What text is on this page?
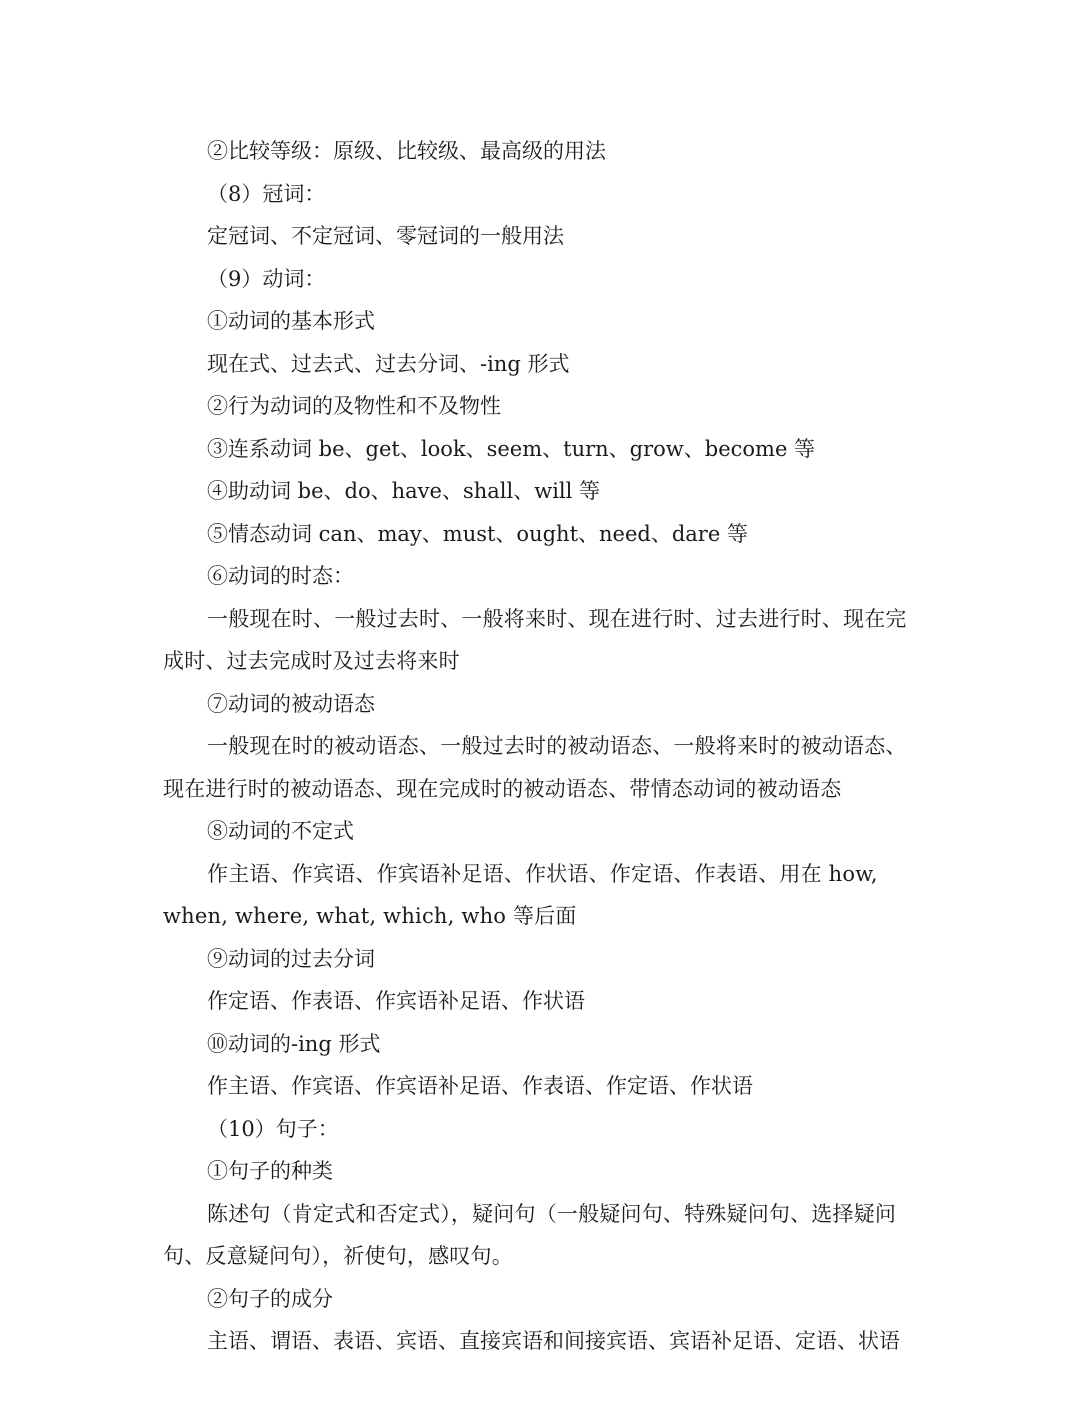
②比较等级：原级、比较级、最高级的用法

（8）冠词：

定冠词、不定冠词、零冠词的一般用法

（9）动词：

①动词的基本形式

现在式、过去式、过去分词、-ing 形式

②行为动词的及物性和不及物性

③连系动词 be、get、look、seem、turn、grow、become 等

④助动词 be、do、have、shall、will 等

⑤情态动词 can、may、must、ought、need、dare 等

⑥动词的时态：

一般现在时、一般过去时、一般将来时、现在进行时、过去进行时、现在完成时、过去完成时及过去将来时

⑦动词的被动语态

一般现在时的被动语态、一般过去时的被动语态、一般将来时的被动语态、现在进行时的被动语态、现在完成时的被动语态、带情态动词的被动语态

⑧动词的不定式

作主语、作宾语、作宾语补足语、作状语、作定语、作表语、用在 how, when, where, what, which, who 等后面

⑨动词的过去分词

作定语、作表语、作宾语补足语、作状语

⑩动词的-ing 形式

作主语、作宾语、作宾语补足语、作表语、作定语、作状语

（10）句子：

①句子的种类

陈述句（肯定式和否定式），疑问句（一般疑问句、特殊疑问句、选择疑问句、反意疑问句），祈使句，感叹句。

②句子的成分

主语、谓语、表语、宾语、直接宾语和间接宾语、宾语补足语、定语、状语
